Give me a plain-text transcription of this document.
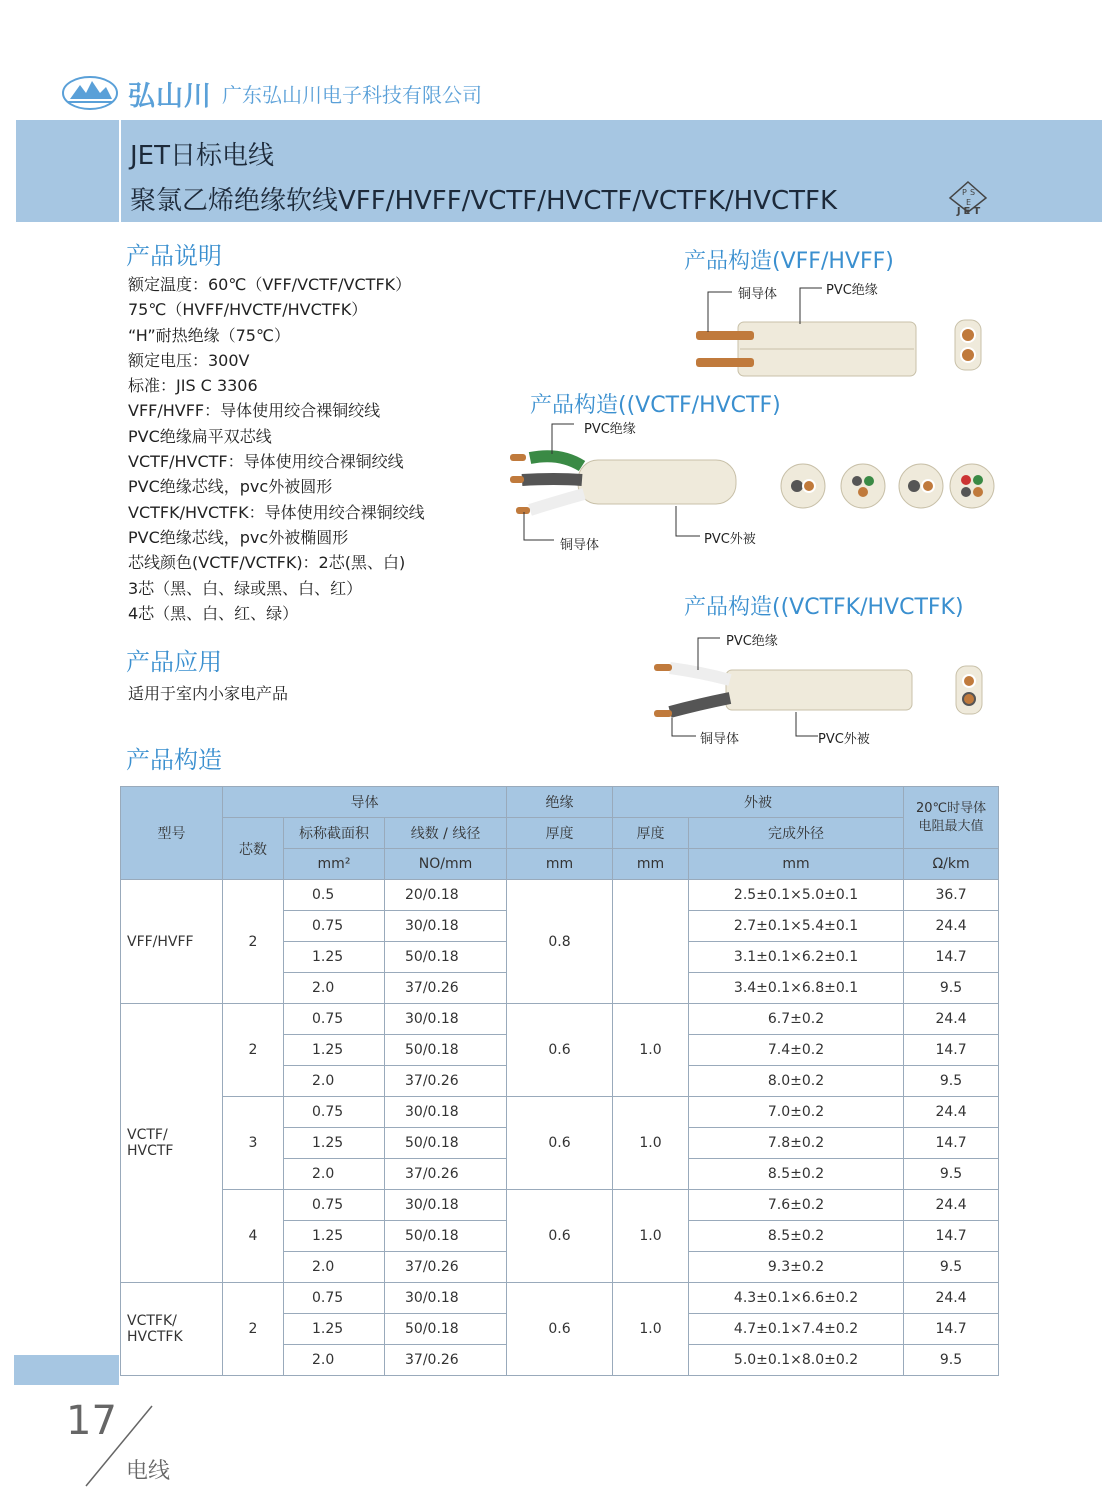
弘山川 广东弘山川电子科技有限公司
JET日标电线
聚氯乙烯绝缘软线VFF/HVFF/VCTF/HVCTF/VCTFK/HVCTFK	P S
E
JET
产品说明
额定温度：60℃（VFF/VCTF/VCTFK）
75℃（HVFF/HVCTF/HVCTFK）
“H”耐热绝缘（75℃）
额定电压：300V
标准：JIS C 3306
VFF/HVFF：导体使用绞合裸铜绞线
PVC绝缘扁平双芯线
VCTF/HVCTF：导体使用绞合裸铜绞线
PVC绝缘芯线，pvc外被圆形
VCTFK/HVCTFK：导体使用绞合裸铜绞线
PVC绝缘芯线，pvc外被椭圆形
芯线颜色(VCTF/VCTFK)：2芯(黑、白)
3芯（黑、白、绿或黑、白、红）
4芯（黑、白、红、绿）
产品应用
适用于室内小家电产品
产品构造(VFF/HVFF)
铜导体	PVC绝缘
产品构造((VCTF/HVCTF)
PVC绝缘
铜导体	PVC外被
产品构造((VCTFK/HVCTFK)
PVC绝缘
铜导体	PVC外被
产品构造
型号	导体			绝缘	外被		20℃时导体电阻最大值
	芯数	标称截面积	线数 / 线径	厚度	厚度	完成外径	
		mm²	NO/mm	mm	mm	mm	Ω/km
VFF/HVFF	2	0.5	20/0.18	0.8		2.5±0.1×5.0±0.1	36.7
		0.75	30/0.18			2.7±0.1×5.4±0.1	24.4
		1.25	50/0.18			3.1±0.1×6.2±0.1	14.7
		2.0	37/0.26			3.4±0.1×6.8±0.1	9.5
VCTF/
HVCTF	2	0.75	30/0.18	0.6	1.0	6.7±0.2	24.4
		1.25	50/0.18			7.4±0.2	14.7
		2.0	37/0.26			8.0±0.2	9.5
	3	0.75	30/0.18	0.6	1.0	7.0±0.2	24.4
		1.25	50/0.18			7.8±0.2	14.7
		2.0	37/0.26			8.5±0.2	9.5
	4	0.75	30/0.18	0.6	1.0	7.6±0.2	24.4
		1.25	50/0.18			8.5±0.2	14.7
		2.0	37/0.26			9.3±0.2	9.5
VCTFK/
HVCTFK	2	0.75	30/0.18	0.6	1.0	4.3±0.1×6.6±0.2	24.4
		1.25	50/0.18			4.7±0.1×7.4±0.2	14.7
		2.0	37/0.26			5.0±0.1×8.0±0.2	9.5
17
电线
